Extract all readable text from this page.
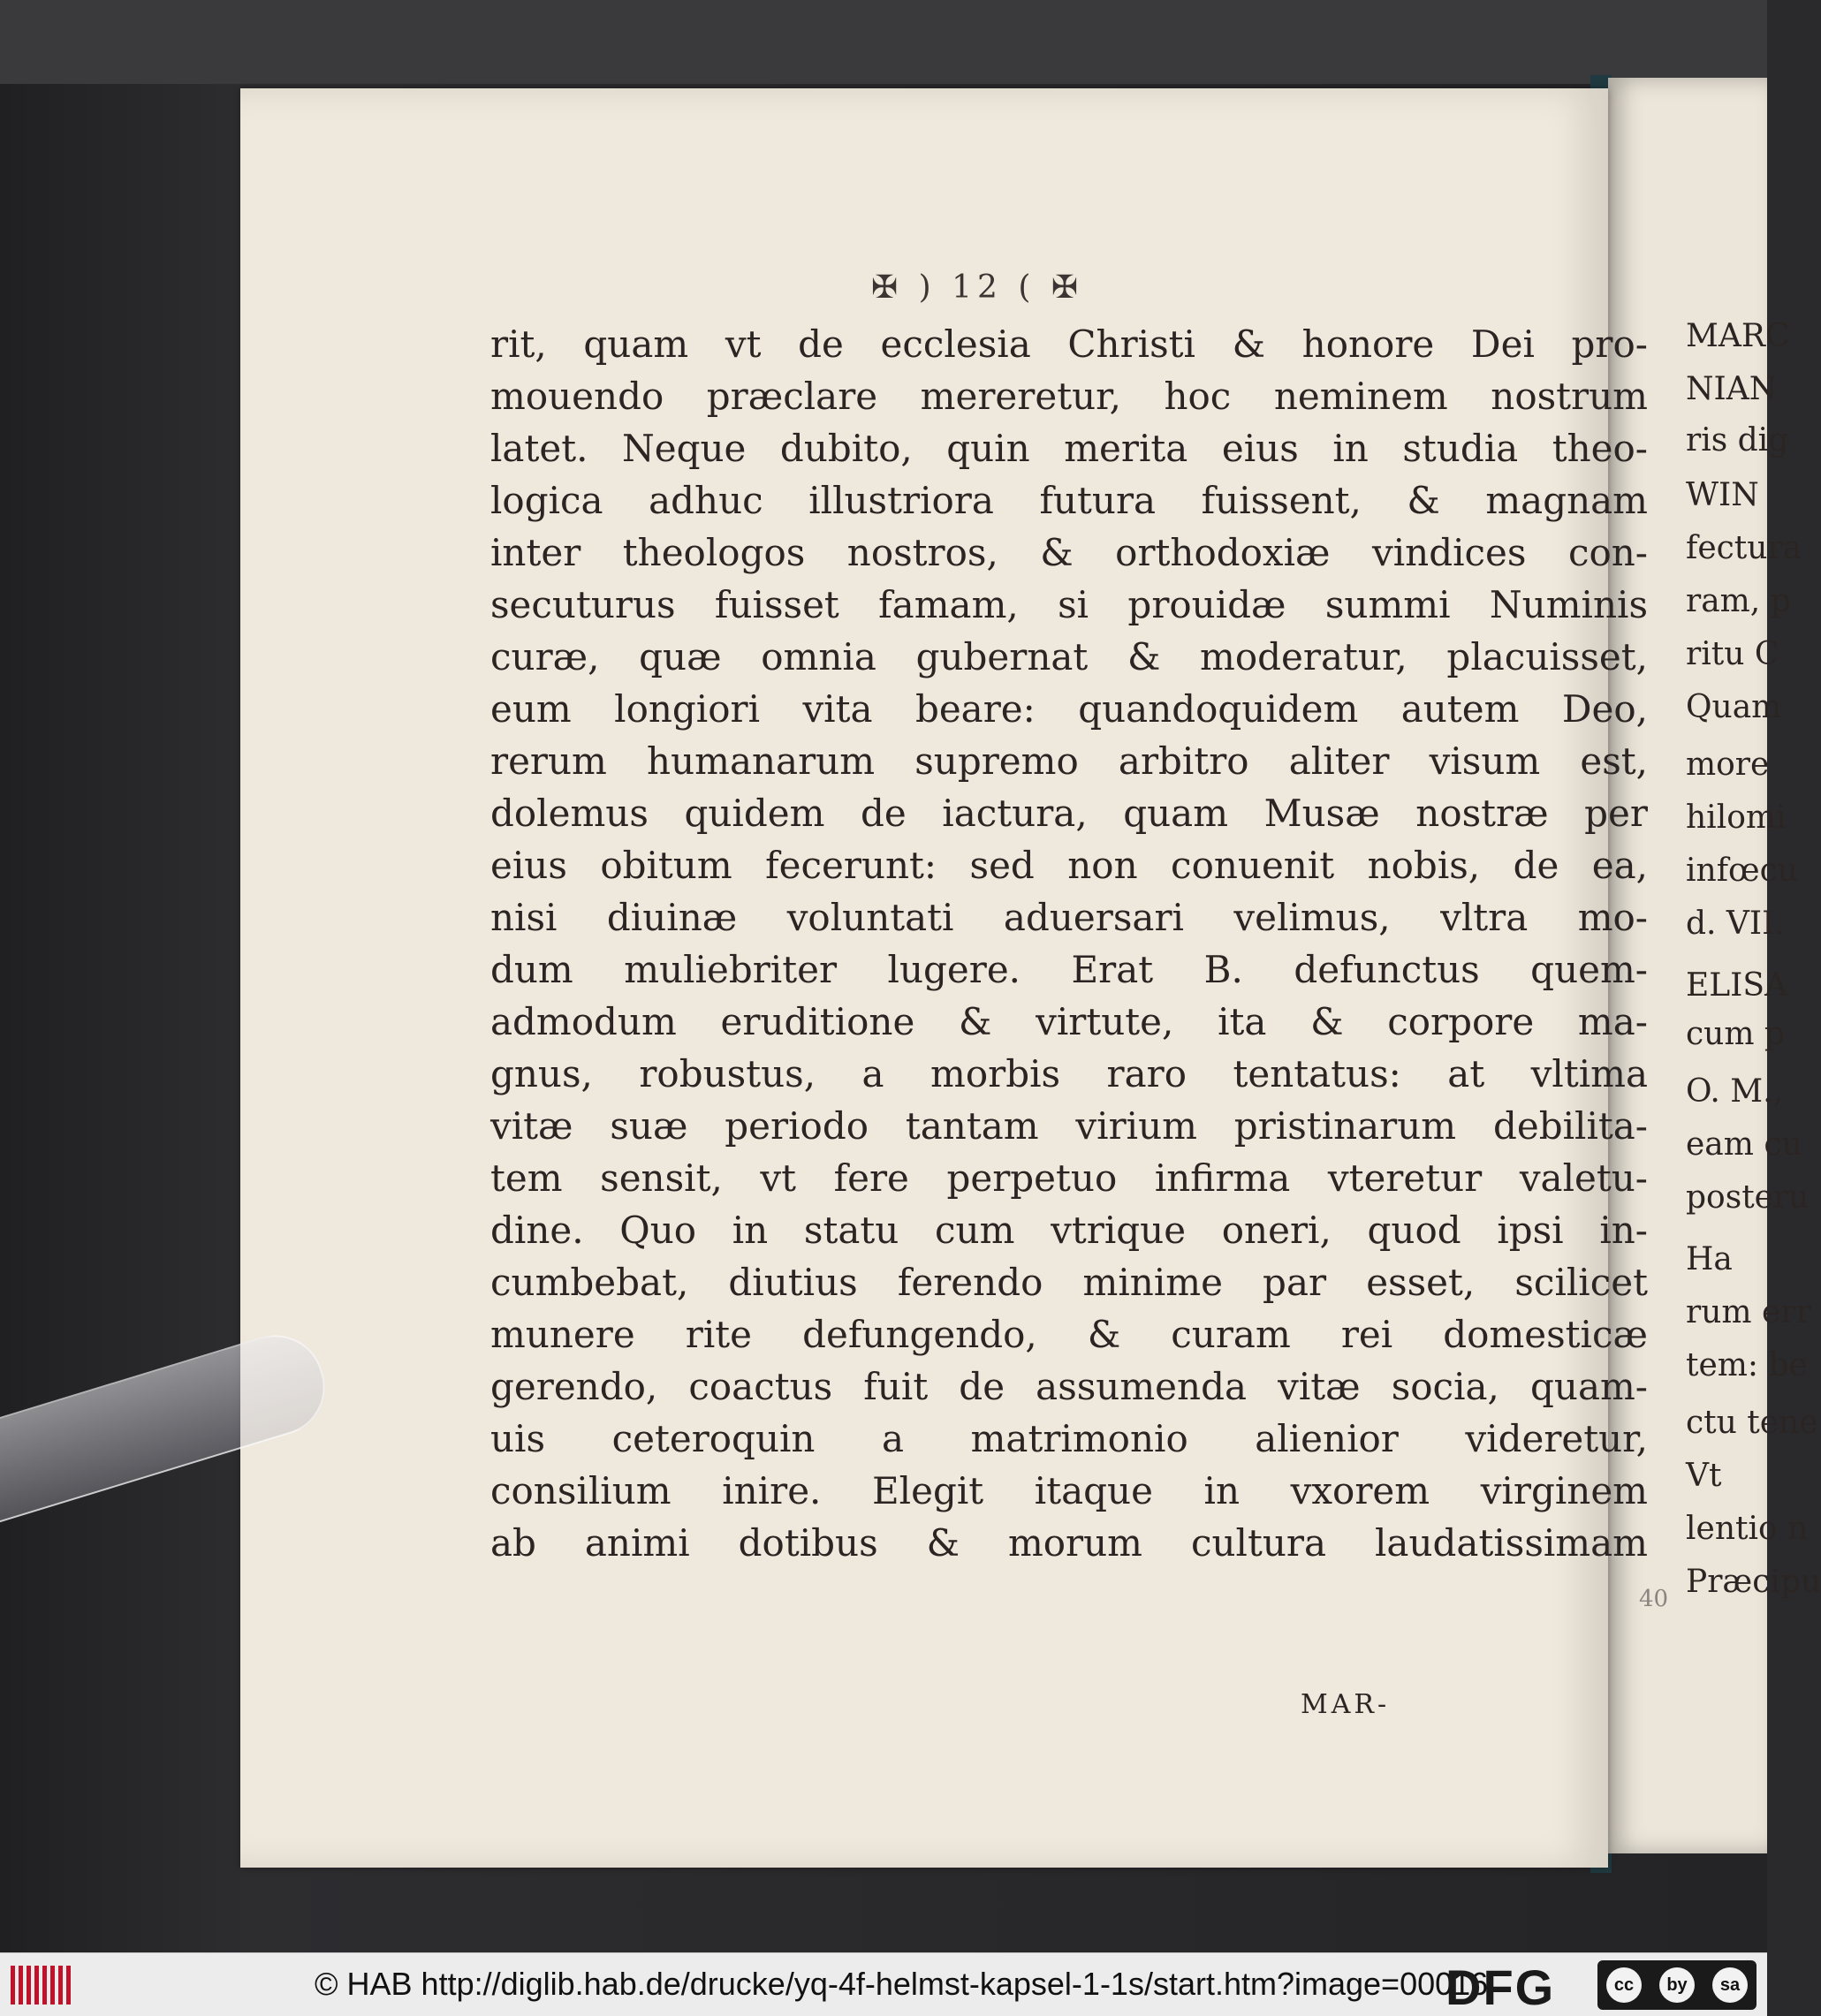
MARC
NIAN
ris dig
WIN
fectura
ram, p
ritu C
Quam
more
hilomi
infœcu
d. VII.
ELISA
cum p
O. M.,
eam cu
posteru
Ha
rum err
tem: be
ctu tene
Vt
lentio n
Præcipu
40
✠ ) 12 ( ✠
rit, quam vt de ecclesia Christi & honore Dei pro-
mouendo præclare mereretur, hoc neminem nostrum
latet. Neque dubito, quin merita eius in studia theo-
logica adhuc illustriora futura fuissent, & magnam
inter theologos nostros, & orthodoxiæ vindices con-
secuturus fuisset famam, si prouidæ summi Numinis
curæ, quæ omnia gubernat & moderatur, placuisset,
eum longiori vita beare: quandoquidem autem Deo,
rerum humanarum supremo arbitro aliter visum est,
dolemus quidem de iactura, quam Musæ nostræ per
eius obitum fecerunt: sed non conuenit nobis, de ea,
nisi diuinæ voluntati aduersari velimus, vltra mo-
dum muliebriter lugere. Erat B. defunctus quem-
admodum eruditione & virtute, ita & corpore ma-
gnus, robustus, a morbis raro tentatus: at vltima
vitæ suæ periodo tantam virium pristinarum debilita-
tem sensit, vt fere perpetuo infirma vteretur valetu-
dine. Quo in statu cum vtrique oneri, quod ipsi in-
cumbebat, diutius ferendo minime par esset, scilicet
munere rite defungendo, & curam rei domesticæ
gerendo, coactus fuit de assumenda vitæ socia, quam-
uis ceteroquin a matrimonio alienior videretur,
consilium inire. Elegit itaque in vxorem virginem
ab animi dotibus & morum cultura laudatissimam
MAR-
© HAB http://diglib.hab.de/drucke/yq-4f-helmst-kapsel-1-1s/start.htm?image=00016
DFG	cc	by	sa
